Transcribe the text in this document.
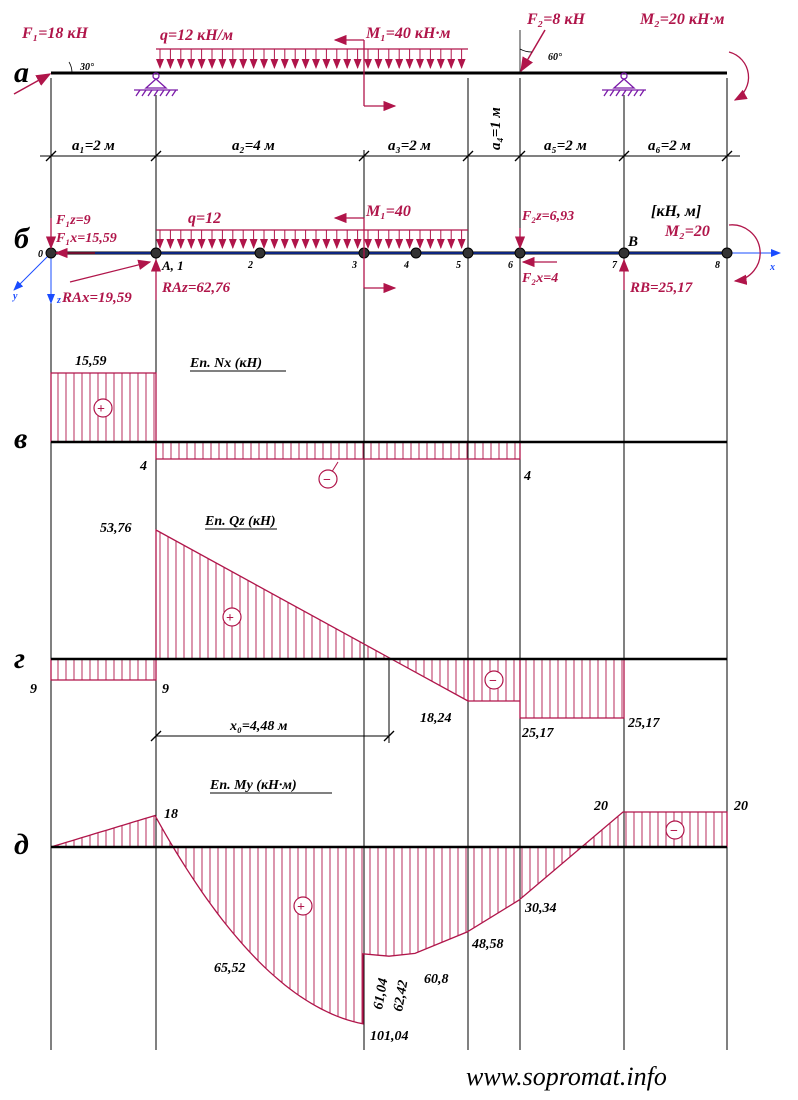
а	30°
F₁=18 кН	q=12 кН/м	M₁=40 кН·м
60°
F₂=8 кН	M₂=20 кН·м
a₁=2 м	a₂=4 м	a₃=2 м	a₄=1 м	a₅=2 м	a₆=2 м
б
x
y	z
0
2	3	4	5	6	7	8
A, 1
B
F₁z=9
F₁x=15,59
q=12	M₁=40	F₂z=6,93
F₂x=4
[кН, м]
M₂=20
RAx=19,59
RAz=62,76	RB=25,17
в
15,59
4
4
Еп. Nx (кН)
+
−
г
53,76
9	9
18,24
25,17
25,17
Еп. Qz (кН)
+
−
x₀=4,48 м
д
18
65,52
101,04
61,04 62,42 60,8
48,58
30,34
20	20
Еп. My (кН·м)
+
−
www.sopromat.info
